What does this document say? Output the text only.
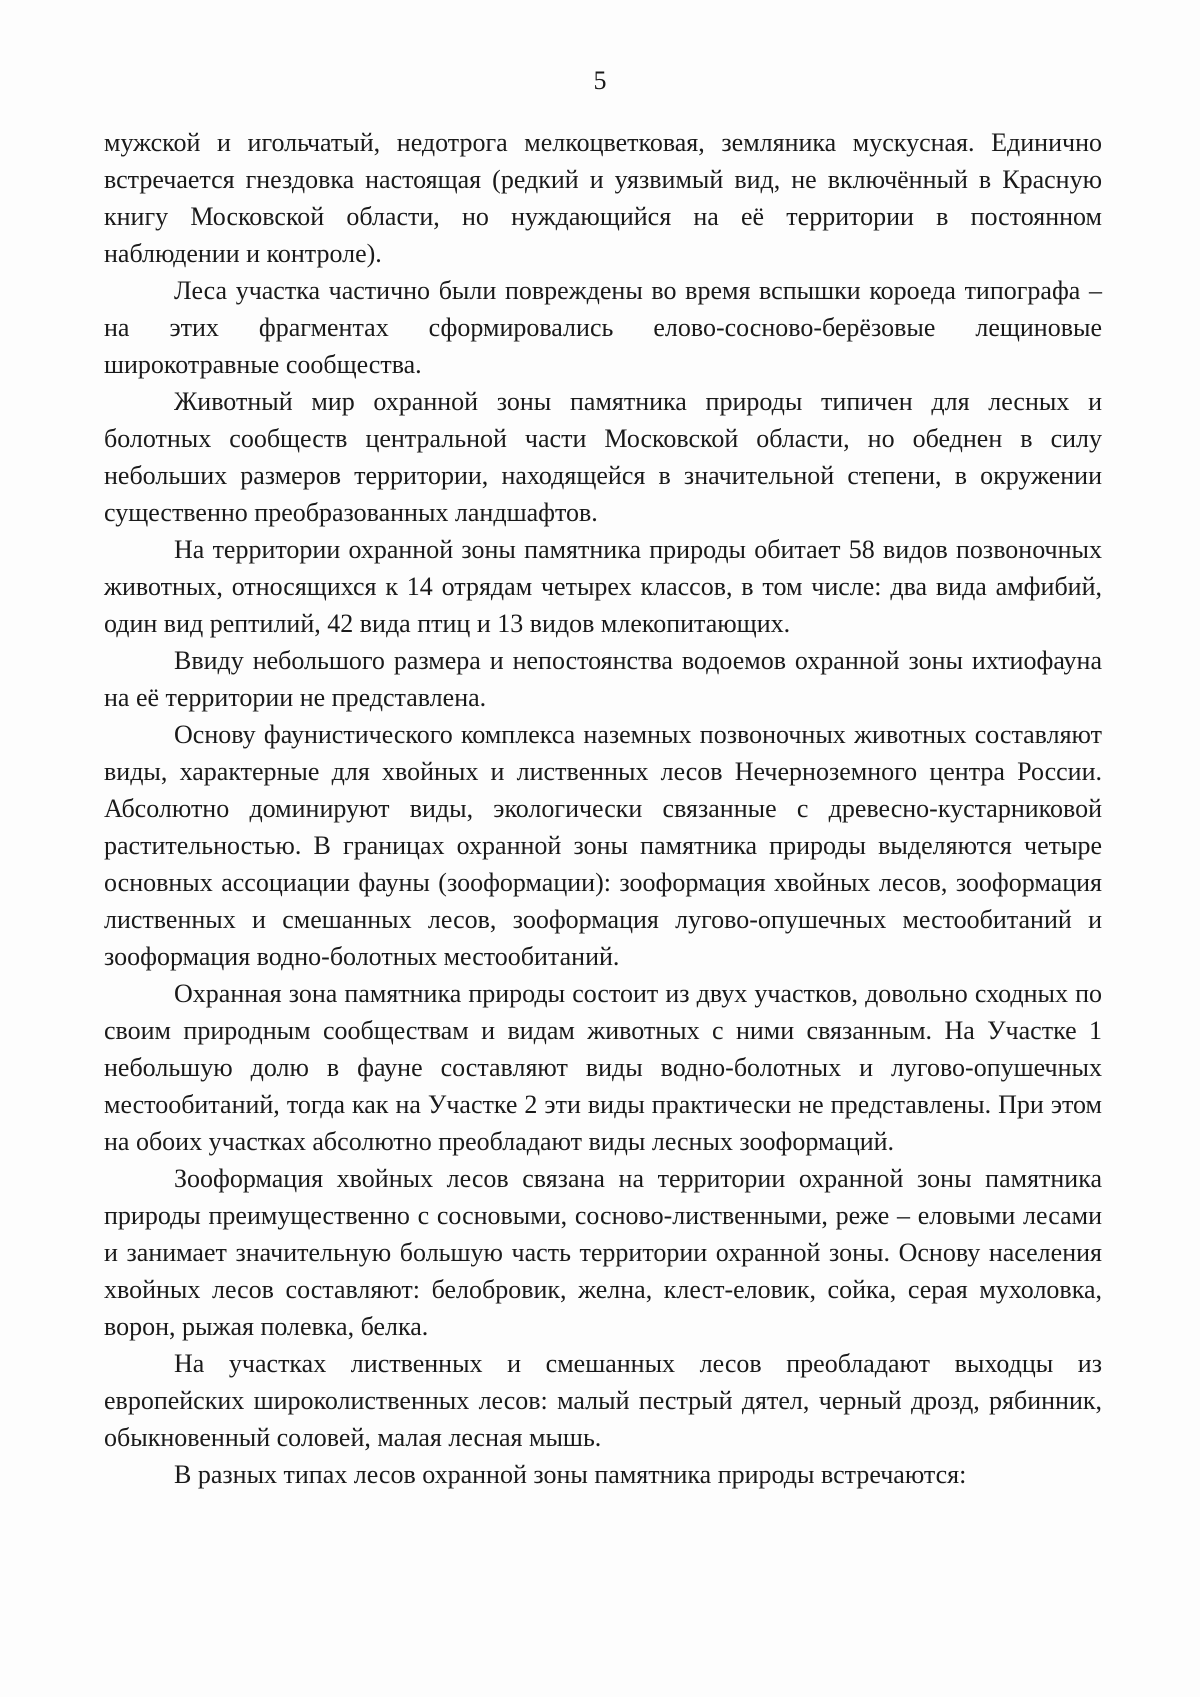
5

мужской и игольчатый, недотрога мелкоцветковая, земляника мускусная. Единично встречается гнездовка настоящая (редкий и уязвимый вид, не включённый в Красную книгу Московской области, но нуждающийся на её территории в постоянном наблюдении и контроле).

Леса участка частично были повреждены во время вспышки короеда типографа – на этих фрагментах сформировались елово-сосново-берёзовые лещиновые широкотравные сообщества.

Животный мир охранной зоны памятника природы типичен для лесных и болотных сообществ центральной части Московской области, но обеднен в силу небольших размеров территории, находящейся в значительной степени, в окружении существенно преобразованных ландшафтов.

На территории охранной зоны памятника природы обитает 58 видов позвоночных животных, относящихся к 14 отрядам четырех классов, в том числе: два вида амфибий, один вид рептилий, 42 вида птиц и 13 видов млекопитающих.

Ввиду небольшого размера и непостоянства водоемов охранной зоны ихтиофауна на её территории не представлена.

Основу фаунистического комплекса наземных позвоночных животных составляют виды, характерные для хвойных и лиственных лесов Нечерноземного центра России. Абсолютно доминируют виды, экологически связанные с древесно-кустарниковой растительностью. В границах охранной зоны памятника природы выделяются четыре основных ассоциации фауны (зооформации): зооформация хвойных лесов, зооформация лиственных и смешанных лесов, зооформация лугово-опушечных местообитаний и зооформация водно-болотных местообитаний.

Охранная зона памятника природы состоит из двух участков, довольно сходных по своим природным сообществам и видам животных с ними связанным. На Участке 1 небольшую долю в фауне составляют виды водно-болотных и лугово-опушечных местообитаний, тогда как на Участке 2 эти виды практически не представлены. При этом на обоих участках абсолютно преобладают виды лесных зооформаций.

Зооформация хвойных лесов связана на территории охранной зоны памятника природы преимущественно с сосновыми, сосново-лиственными, реже – еловыми лесами и занимает значительную большую часть территории охранной зоны. Основу населения хвойных лесов составляют: белобровик, желна, клест-еловик, сойка, серая мухоловка, ворон, рыжая полевка, белка.

На участках лиственных и смешанных лесов преобладают выходцы из европейских широколиственных лесов: малый пестрый дятел, черный дрозд, рябинник, обыкновенный соловей, малая лесная мышь.

В разных типах лесов охранной зоны памятника природы встречаются:
